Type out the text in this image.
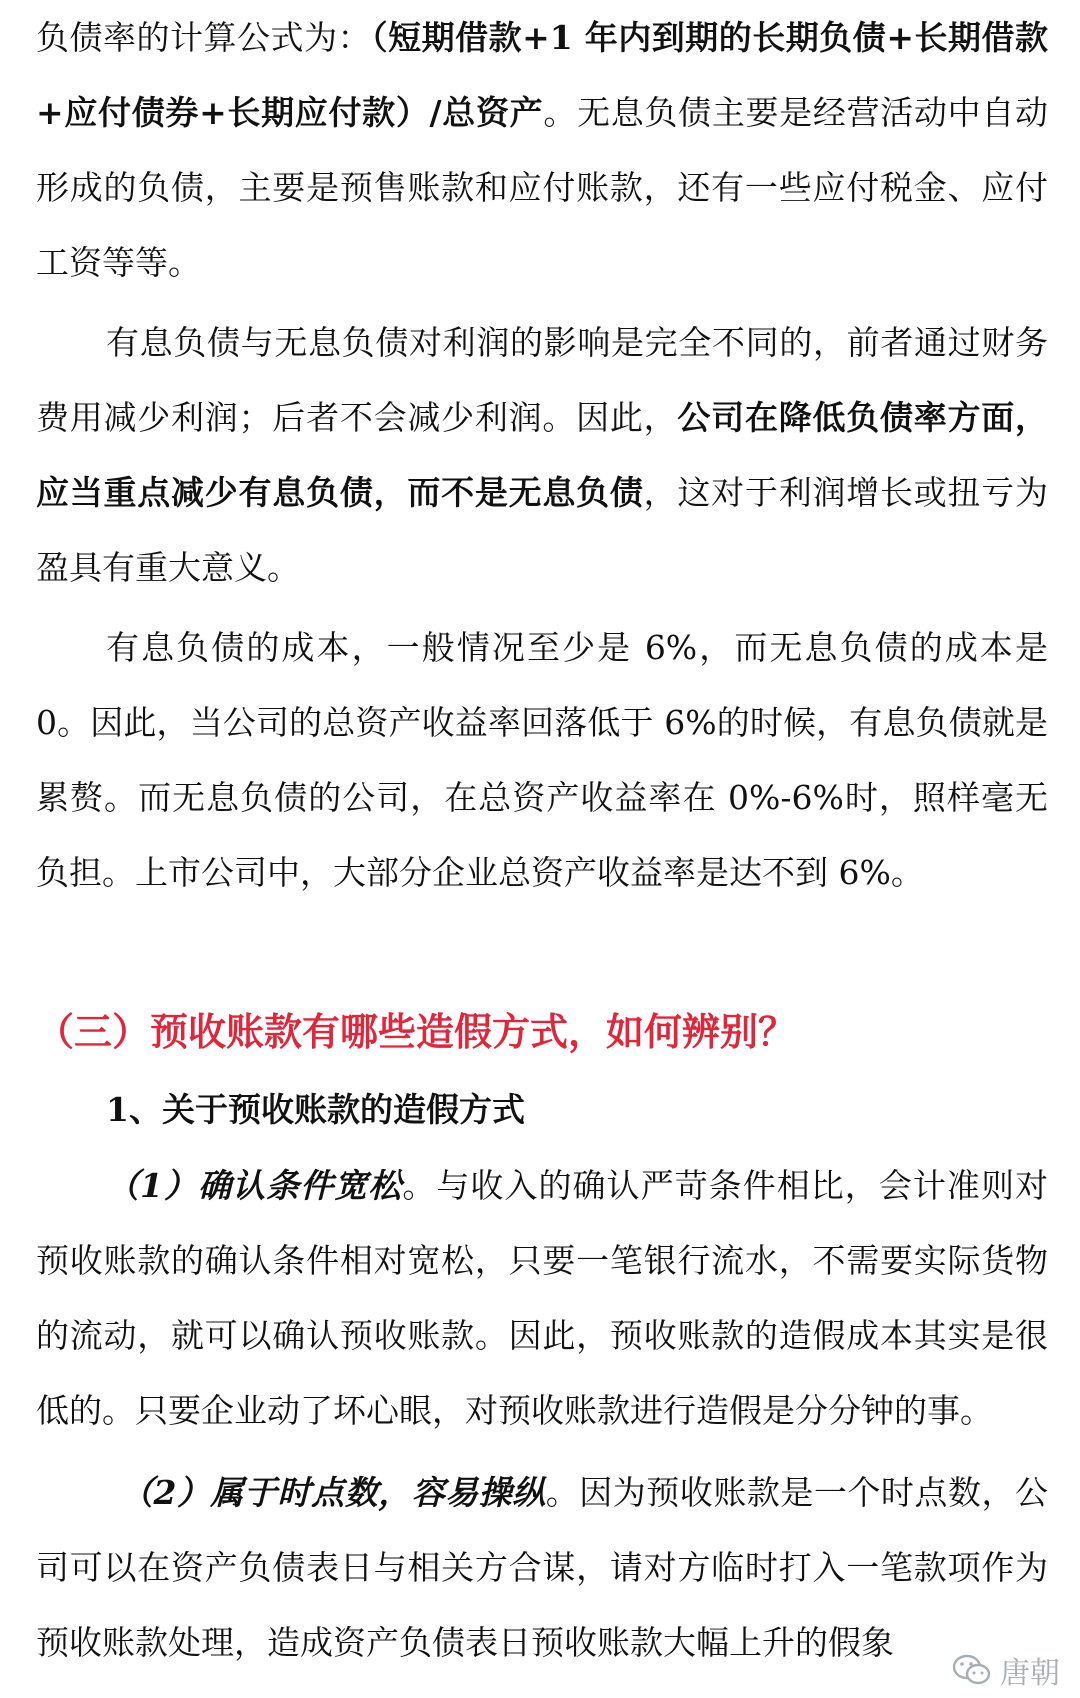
负债率的计算公式为：（短期借款+1 年内到期的长期负债+长期借款+应付债券+长期应付款）/总资产。无息负债主要是经营活动中自动形成的负债，主要是预售账款和应付账款，还有一些应付税金、应付工资等等。

有息负债与无息负债对利润的影响是完全不同的，前者通过财务费用减少利润；后者不会减少利润。因此，公司在降低负债率方面，应当重点减少有息负债，而不是无息负债，这对于利润增长或扭亏为盈具有重大意义。

有息负债的成本，一般情况至少是 6%，而无息负债的成本是 0。因此，当公司的总资产收益率回落低于 6%的时候，有息负债就是累赘。而无息负债的公司，在总资产收益率在 0%-6%时，照样毫无负担。上市公司中，大部分企业总资产收益率是达不到 6%。

（三）预收账款有哪些造假方式，如何辨别？
1、关于预收账款的造假方式

（1）确认条件宽松。与收入的确认严苛条件相比，会计准则对预收账款的确认条件相对宽松，只要一笔银行流水，不需要实际货物的流动，就可以确认预收账款。因此，预收账款的造假成本其实是很低的。只要企业动了坏心眼，对预收账款进行造假是分分钟的事。

（2）属于时点数，容易操纵。因为预收账款是一个时点数，公司可以在资产负债表日与相关方合谋，请对方临时打入一笔款项作为预收账款处理，造成资产负债表日预收账款大幅上升的假象

唐朝
